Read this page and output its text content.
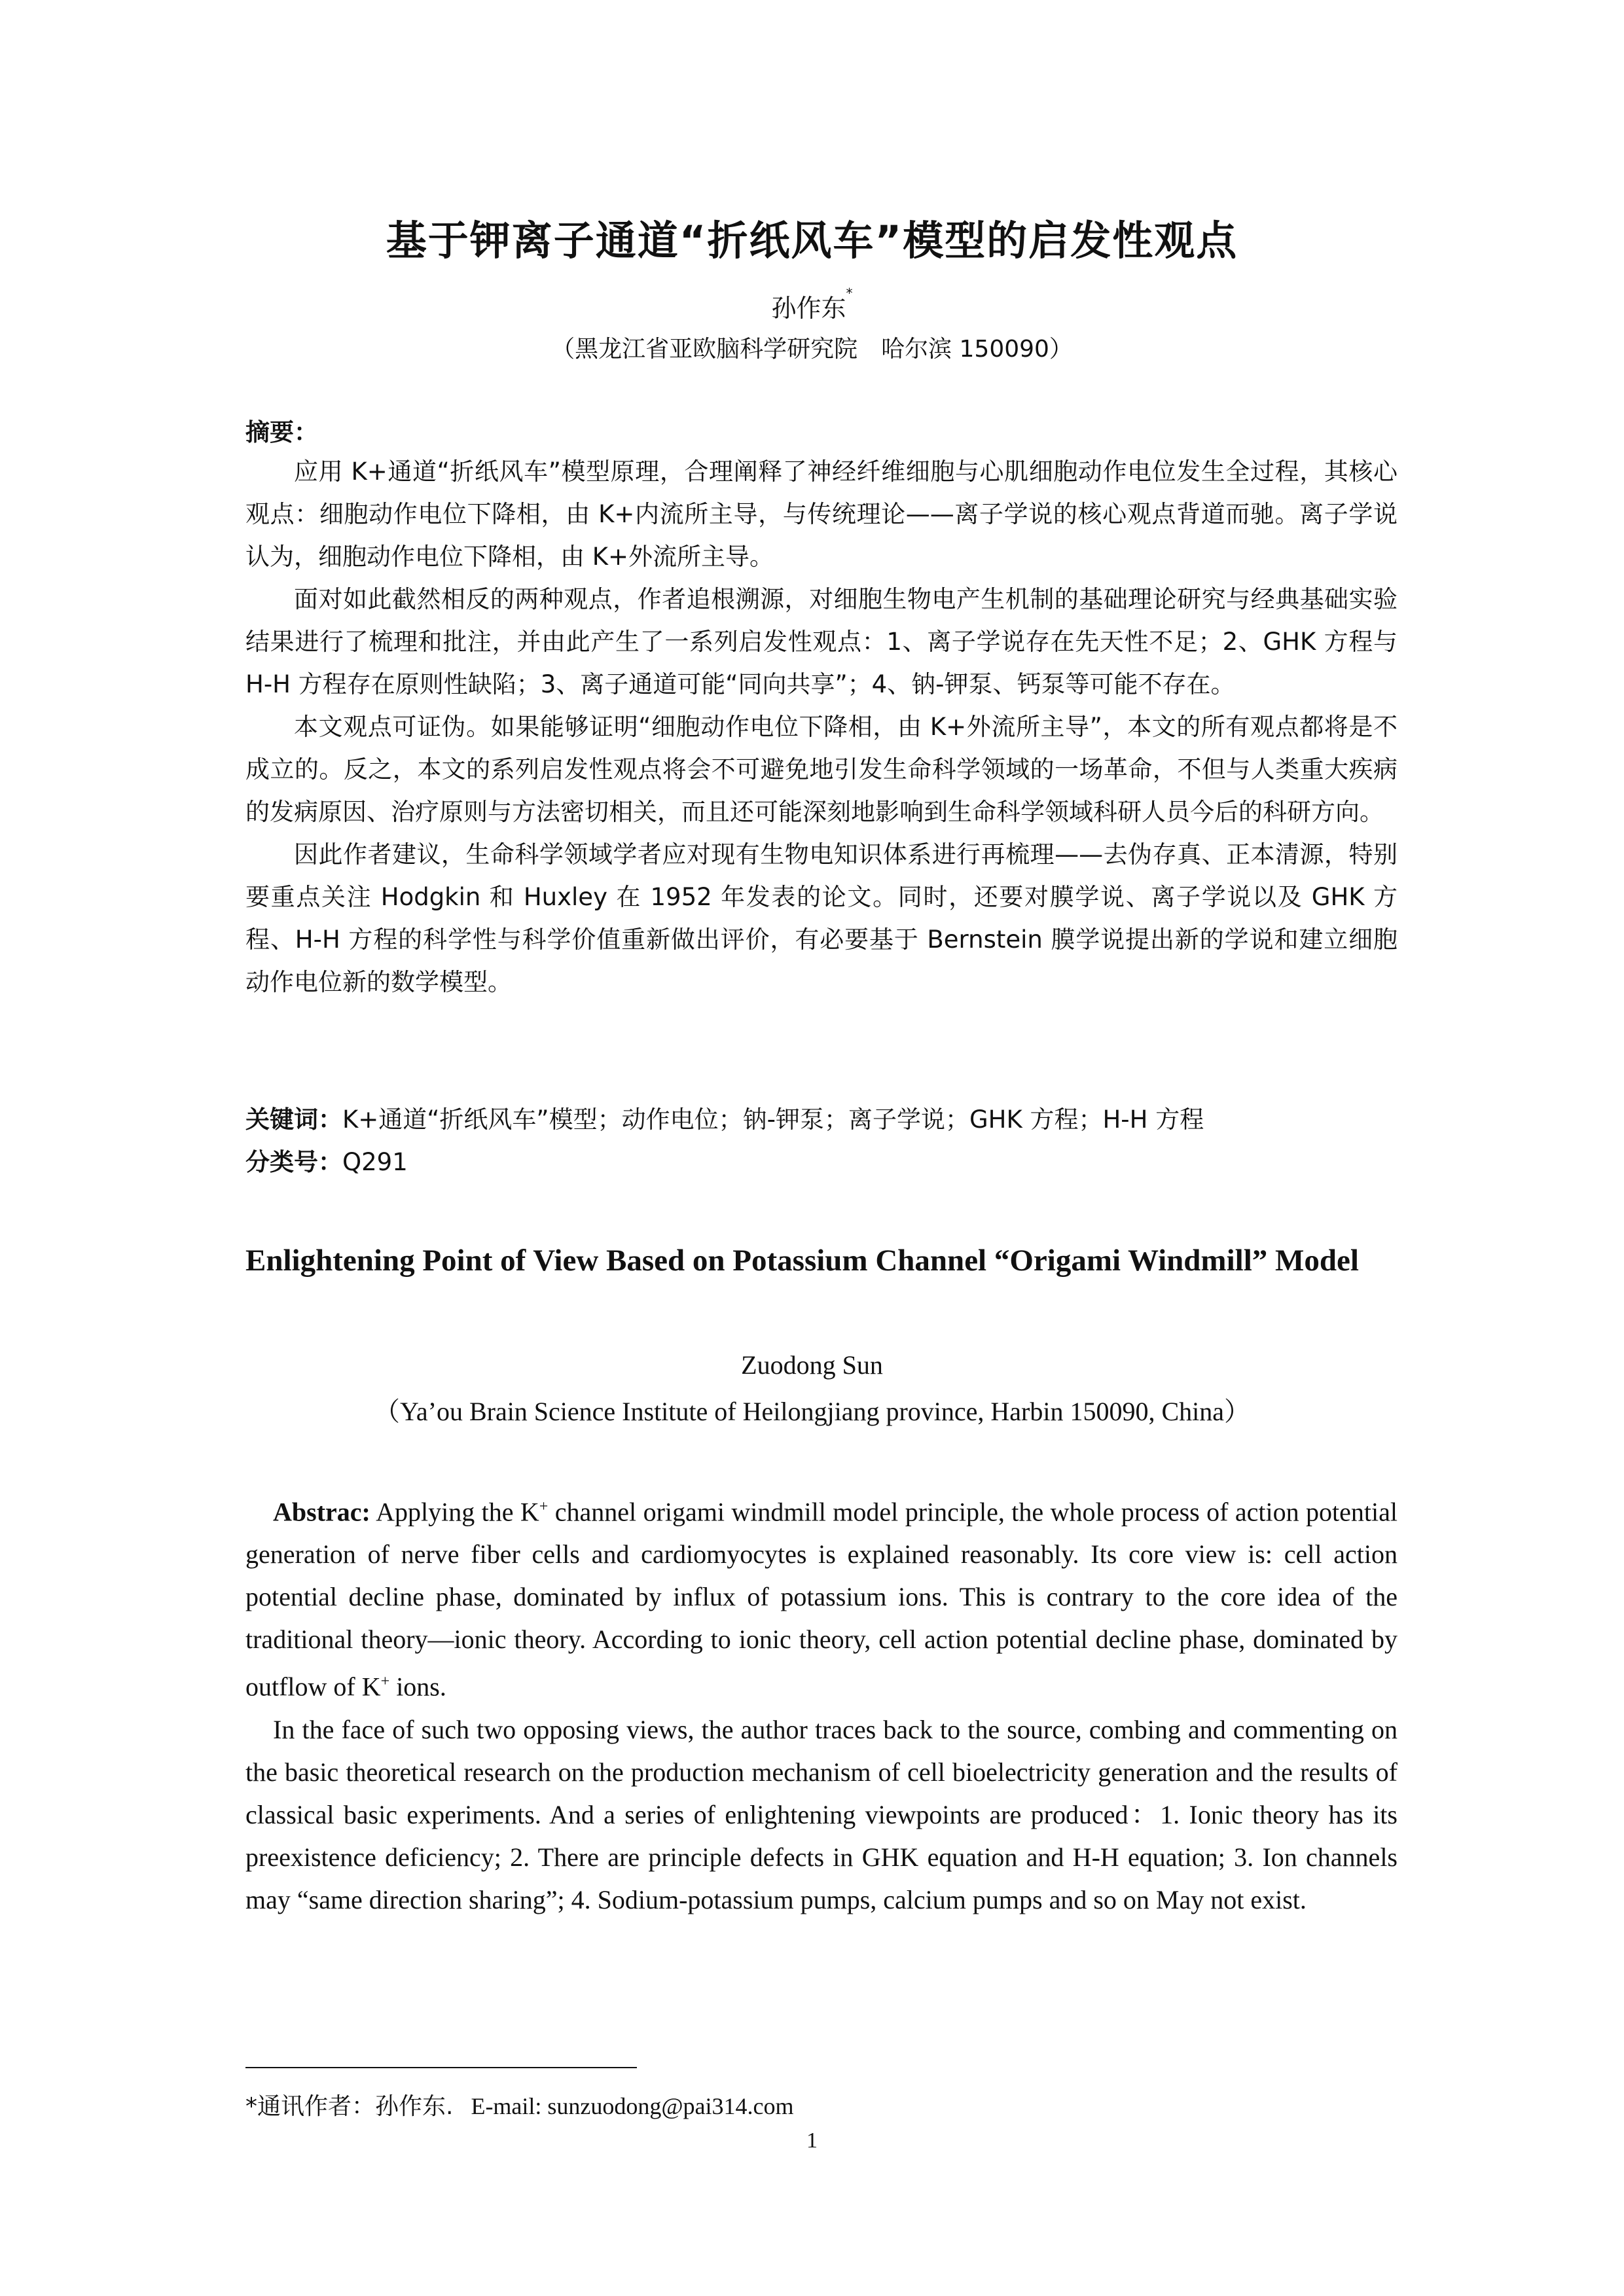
基于钾离子通道“折纸风车”模型的启发性观点
孙作东*
（黑龙江省亚欧脑科学研究院　哈尔滨 150090）
摘要：

应用 K+通道“折纸风车”模型原理，合理阐释了神经纤维细胞与心肌细胞动作电位发生全过程，其核心观点：细胞动作电位下降相，由 K+内流所主导，与传统理论——离子学说的核心观点背道而驰。离子学说认为，细胞动作电位下降相，由 K+外流所主导。

面对如此截然相反的两种观点，作者追根溯源，对细胞生物电产生机制的基础理论研究与经典基础实验结果进行了梳理和批注，并由此产生了一系列启发性观点：1、离子学说存在先天性不足；2、GHK 方程与 H-H 方程存在原则性缺陷；3、离子通道可能“同向共享”；4、钠-钾泵、钙泵等可能不存在。

本文观点可证伪。如果能够证明“细胞动作电位下降相，由 K+外流所主导”，本文的所有观点都将是不成立的。反之，本文的系列启发性观点将会不可避免地引发生命科学领域的一场革命，不但与人类重大疾病的发病原因、治疗原则与方法密切相关，而且还可能深刻地影响到生命科学领域科研人员今后的科研方向。

因此作者建议，生命科学领域学者应对现有生物电知识体系进行再梳理——去伪存真、正本清源，特别要重点关注 Hodgkin 和 Huxley 在 1952 年发表的论文。同时，还要对膜学说、离子学说以及 GHK 方程、H-H 方程的科学性与科学价值重新做出评价，有必要基于 Bernstein 膜学说提出新的学说和建立细胞动作电位新的数学模型。

关键词：K+通道“折纸风车”模型；动作电位；钠-钾泵；离子学说；GHK 方程；H-H 方程
分类号：Q291
Enlightening Point of View Based on Potassium Channel “Origami Windmill” Model
Zuodong Sun
（Ya’ou Brain Science Institute of Heilongjiang province, Harbin 150090, China）

Abstrac: Applying the K+ channel origami windmill model principle, the whole process of action potential generation of nerve fiber cells and cardiomyocytes is explained reasonably. Its core view is: cell action potential decline phase, dominated by influx of potassium ions. This is contrary to the core idea of the traditional theory—ionic theory. According to ionic theory, cell action potential decline phase, dominated by outflow of K+ ions.

In the face of such two opposing views, the author traces back to the source, combing and commenting on the basic theoretical research on the production mechanism of cell bioelectricity generation and the results of classical basic experiments. And a series of enlightening viewpoints are produced：1. Ionic theory has its preexistence deficiency; 2. There are principle defects in GHK equation and H-H equation; 3. Ion channels may “same direction sharing”; 4. Sodium-potassium pumps, calcium pumps and so on May not exist.

*通讯作者：孙作东. E-mail: sunzuodong@pai314.com
1
